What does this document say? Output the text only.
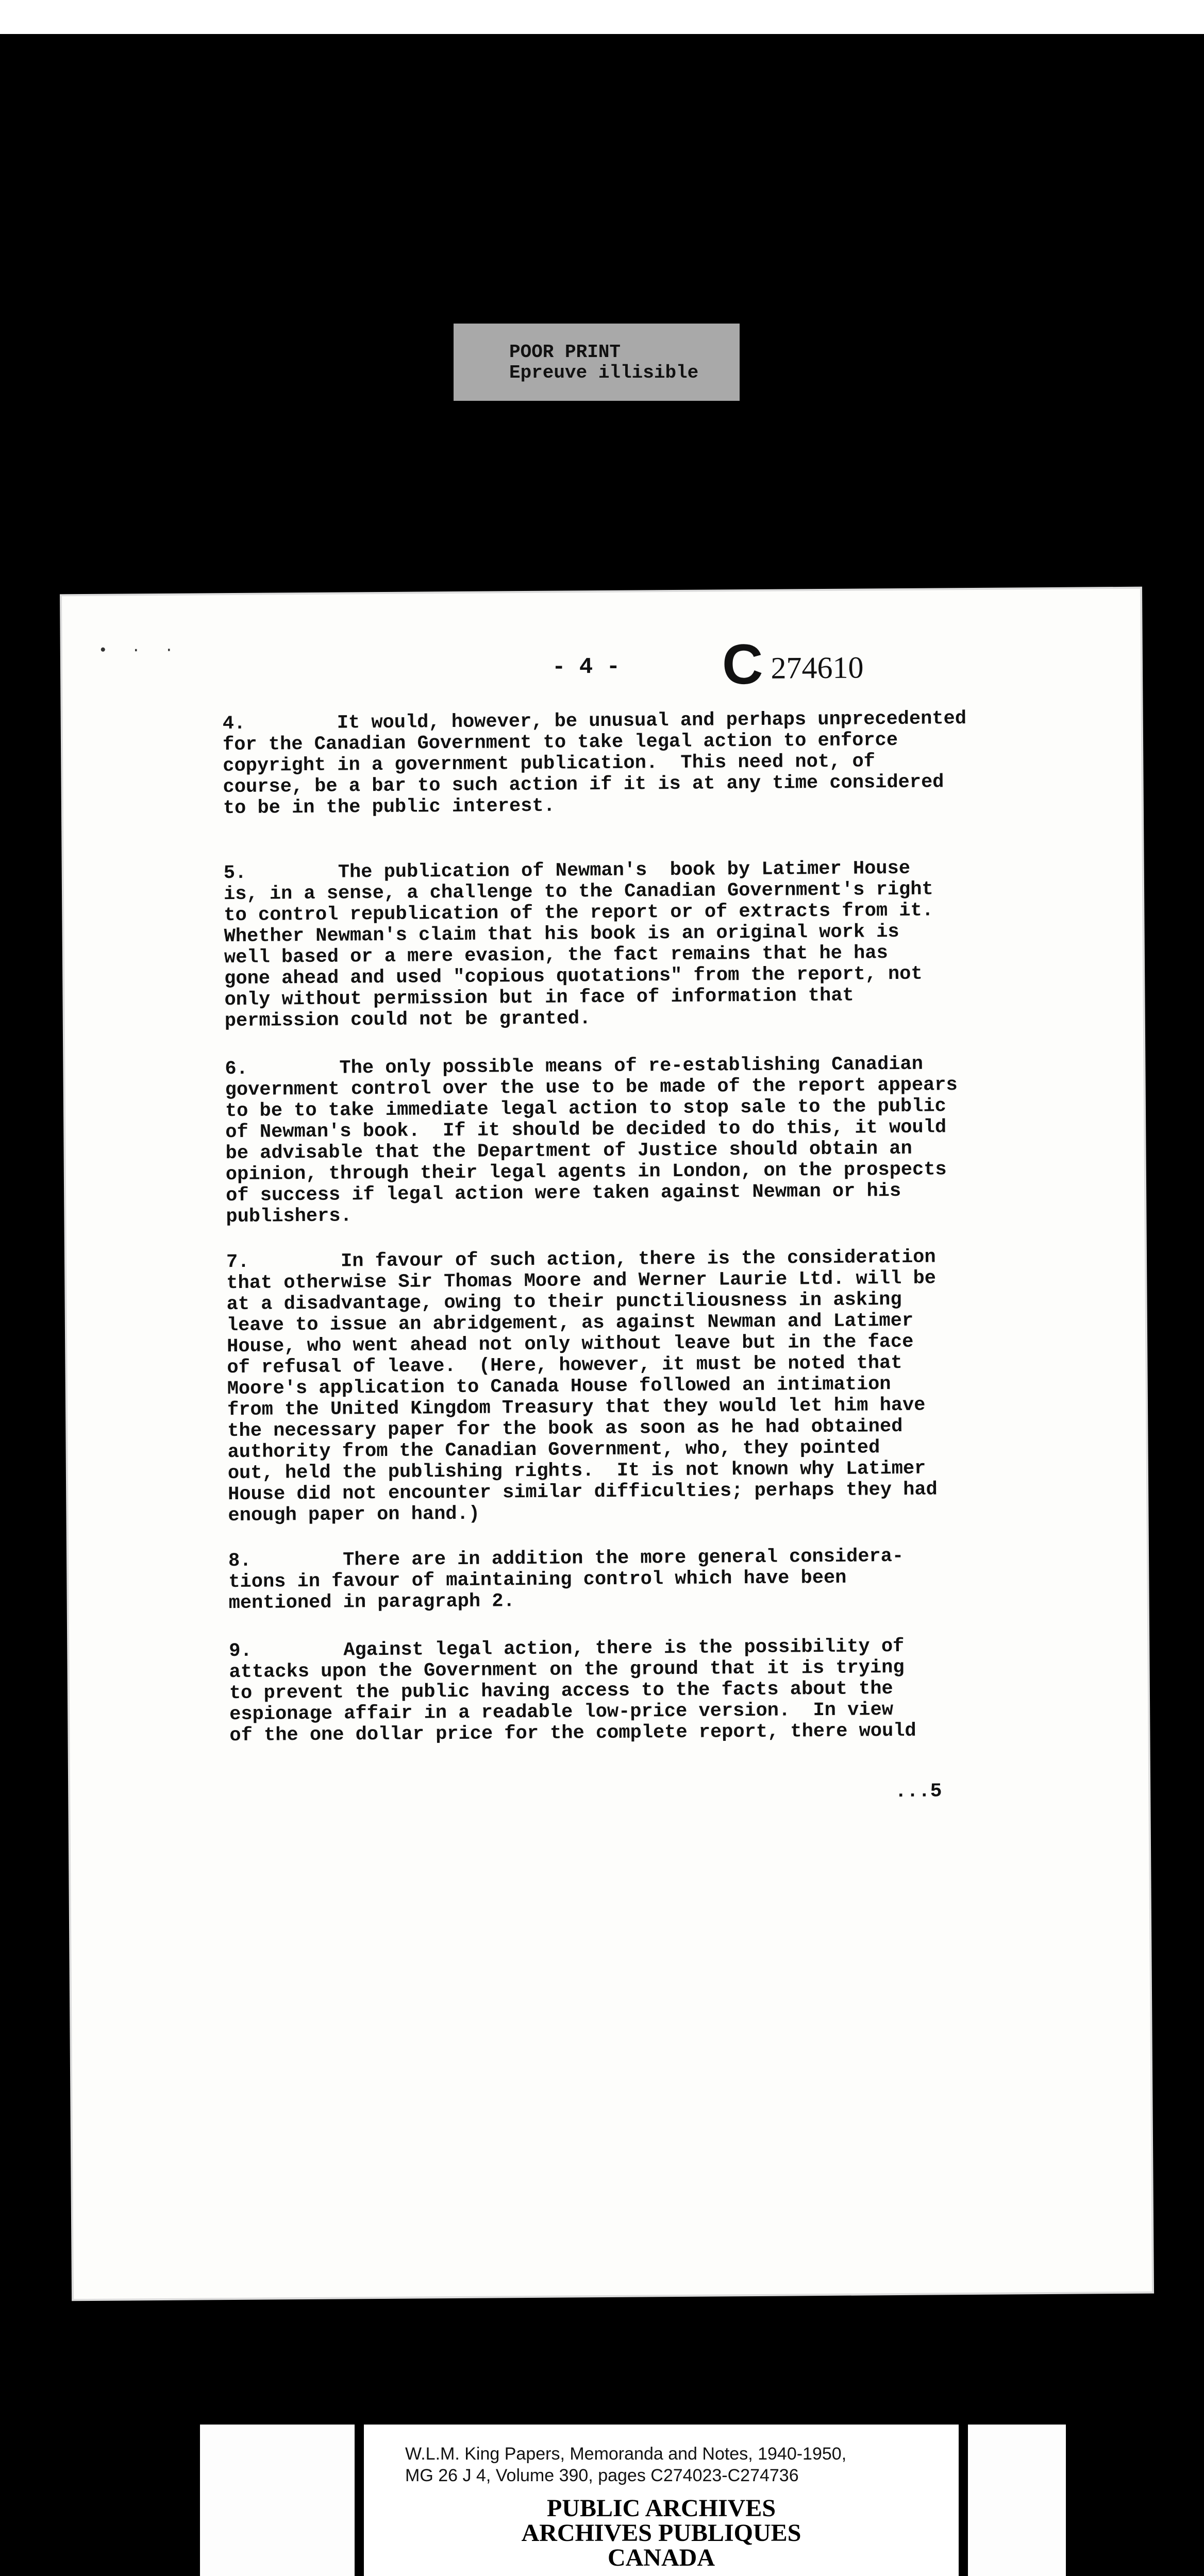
POOR PRINT
Epreuve illisible
• · ·
- 4 - C 274610

4.        It would, however, be unusual and perhaps unprecedented
for the Canadian Government to take legal action to enforce
copyright in a government publication.  This need not, of
course, be a bar to such action if it is at any time considered
to be in the public interest.

5.        The publication of Newman's  book by Latimer House
is, in a sense, a challenge to the Canadian Government's right
to control republication of the report or of extracts from it.
Whether Newman's claim that his book is an original work is
well based or a mere evasion, the fact remains that he has
gone ahead and used "copious quotations" from the report, not
only without permission but in face of information that
permission could not be granted.

6.        The only possible means of re-establishing Canadian
government control over the use to be made of the report appears
to be to take immediate legal action to stop sale to the public
of Newman's book.  If it should be decided to do this, it would
be advisable that the Department of Justice should obtain an
opinion, through their legal agents in London, on the prospects
of success if legal action were taken against Newman or his
publishers.

7.        In favour of such action, there is the consideration
that otherwise Sir Thomas Moore and Werner Laurie Ltd. will be
at a disadvantage, owing to their punctiliousness in asking
leave to issue an abridgement, as against Newman and Latimer
House, who went ahead not only without leave but in the face
of refusal of leave.  (Here, however, it must be noted that
Moore's application to Canada House followed an intimation
from the United Kingdom Treasury that they would let him have
the necessary paper for the book as soon as he had obtained
authority from the Canadian Government, who, they pointed
out, held the publishing rights.  It is not known why Latimer
House did not encounter similar difficulties; perhaps they had
enough paper on hand.)

8.        There are in addition the more general considera-
tions in favour of maintaining control which have been
mentioned in paragraph 2.

9.        Against legal action, there is the possibility of
attacks upon the Government on the ground that it is trying
to prevent the public having access to the facts about the
espionage affair in a readable low-price version.  In view
of the one dollar price for the complete report, there would

...5
W.L.M. King Papers, Memoranda and Notes, 1940-1950,
MG 26 J 4, Volume 390, pages C274023-C274736
PUBLIC ARCHIVES
ARCHIVES PUBLIQUES
CANADA
